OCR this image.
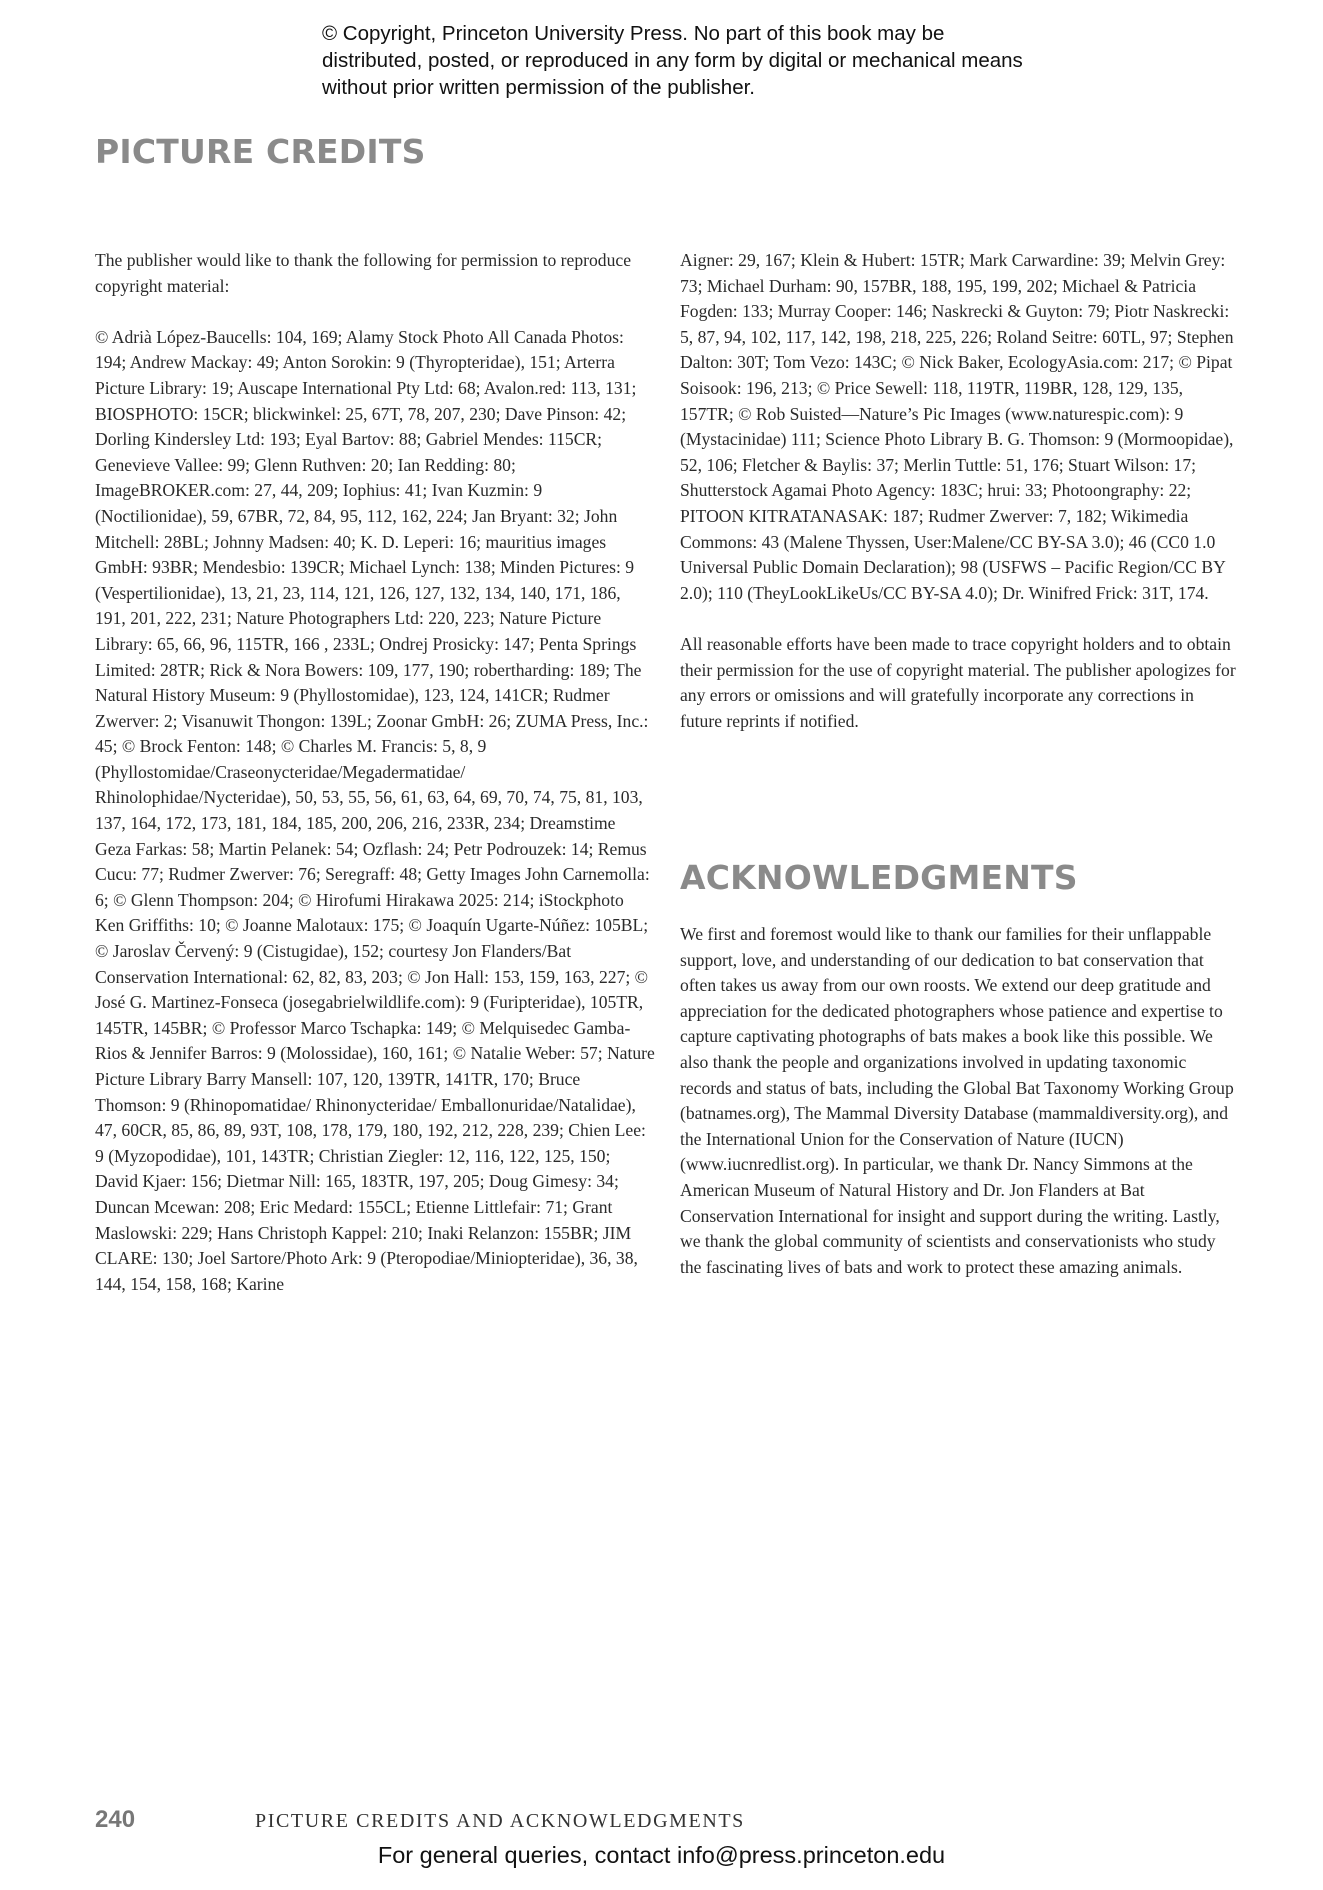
© Copyright, Princeton University Press. No part of this book may be distributed, posted, or reproduced in any form by digital or mechanical means without prior written permission of the publisher.

PICTURE CREDITS

The publisher would like to thank the following for permission to reproduce copyright material:

© Adrià López-Baucells: 104, 169; Alamy Stock Photo All Canada Photos: 194; Andrew Mackay: 49; Anton Sorokin: 9 (Thyropteridae), 151; Arterra Picture Library: 19; Auscape International Pty Ltd: 68; Avalon.red: 113, 131; BIOSPHOTO: 15CR; blickwinkel: 25, 67T, 78, 207, 230; Dave Pinson: 42; Dorling Kindersley Ltd: 193; Eyal Bartov: 88; Gabriel Mendes: 115CR; Genevieve Vallee: 99; Glenn Ruthven: 20; Ian Redding: 80; ImageBROKER.com: 27, 44, 209; Iophius: 41; Ivan Kuzmin: 9 (Noctilionidae), 59, 67BR, 72, 84, 95, 112, 162, 224; Jan Bryant: 32; John Mitchell: 28BL; Johnny Madsen: 40; K. D. Leperi: 16; mauritius images GmbH: 93BR; Mendesbio: 139CR; Michael Lynch: 138; Minden Pictures: 9 (Vespertilionidae), 13, 21, 23, 114, 121, 126, 127, 132, 134, 140, 171, 186, 191, 201, 222, 231; Nature Photographers Ltd: 220, 223; Nature Picture Library: 65, 66, 96, 115TR, 166 , 233L; Ondrej Prosicky: 147; Penta Springs Limited: 28TR; Rick & Nora Bowers: 109, 177, 190; robertharding: 189; The Natural History Museum: 9 (Phyllostomidae), 123, 124, 141CR; Rudmer Zwerver: 2; Visanuwit Thongon: 139L; Zoonar GmbH: 26; ZUMA Press, Inc.: 45; © Brock Fenton: 148; © Charles M. Francis: 5, 8, 9 (Phyllostomidae/Craseonycteridae/Megadermatidae/ Rhinolophidae/Nycteridae), 50, 53, 55, 56, 61, 63, 64, 69, 70, 74, 75, 81, 103, 137, 164, 172, 173, 181, 184, 185, 200, 206, 216, 233R, 234; Dreamstime Geza Farkas: 58; Martin Pelanek: 54; Ozflash: 24; Petr Podrouzek: 14; Remus Cucu: 77; Rudmer Zwerver: 76; Seregraff: 48; Getty Images John Carnemolla: 6; © Glenn Thompson: 204; © Hirofumi Hirakawa 2025: 214; iStockphoto Ken Griffiths: 10; © Joanne Malotaux: 175; © Joaquín Ugarte-Núñez: 105BL; © Jaroslav Červený: 9 (Cistugidae), 152; courtesy Jon Flanders/Bat Conservation International: 62, 82, 83, 203; © Jon Hall: 153, 159, 163, 227; © José G. Martinez-Fonseca (josegabrielwildlife.com): 9 (Furipteridae), 105TR, 145TR, 145BR; © Professor Marco Tschapka: 149; © Melquisedec Gamba-Rios & Jennifer Barros: 9 (Molossidae), 160, 161; © Natalie Weber: 57; Nature Picture Library Barry Mansell: 107, 120, 139TR, 141TR, 170; Bruce Thomson: 9 (Rhinopomatidae/ Rhinonycteridae/ Emballonuridae/Natalidae), 47, 60CR, 85, 86, 89, 93T, 108, 178, 179, 180, 192, 212, 228, 239; Chien Lee: 9 (Myzopodidae), 101, 143TR; Christian Ziegler: 12, 116, 122, 125, 150; David Kjaer: 156; Dietmar Nill: 165, 183TR, 197, 205; Doug Gimesy: 34; Duncan Mcewan: 208; Eric Medard: 155CL; Etienne Littlefair: 71; Grant Maslowski: 229; Hans Christoph Kappel: 210; Inaki Relanzon: 155BR; JIM CLARE: 130; Joel Sartore/Photo Ark: 9 (Pteropodiae/Miniopteridae), 36, 38, 144, 154, 158, 168; Karine

Aigner: 29, 167; Klein & Hubert: 15TR; Mark Carwardine: 39; Melvin Grey: 73; Michael Durham: 90, 157BR, 188, 195, 199, 202; Michael & Patricia Fogden: 133; Murray Cooper: 146; Naskrecki & Guyton: 79; Piotr Naskrecki: 5, 87, 94, 102, 117, 142, 198, 218, 225, 226; Roland Seitre: 60TL, 97; Stephen Dalton: 30T; Tom Vezo: 143C; © Nick Baker, EcologyAsia.com: 217; © Pipat Soisook: 196, 213; © Price Sewell: 118, 119TR, 119BR, 128, 129, 135, 157TR; © Rob Suisted—Nature’s Pic Images (www.naturespic.com): 9 (Mystacinidae) 111; Science Photo Library B. G. Thomson: 9 (Mormoopidae), 52, 106; Fletcher & Baylis: 37; Merlin Tuttle: 51, 176; Stuart Wilson: 17; Shutterstock Agamai Photo Agency: 183C; hrui: 33; Photoongraphy: 22; PITOON KITRATANASAK: 187; Rudmer Zwerver: 7, 182; Wikimedia Commons: 43 (Malene Thyssen, User:Malene/CC BY-SA 3.0); 46 (CC0 1.0 Universal Public Domain Declaration); 98 (USFWS – Pacific Region/CC BY 2.0); 110 (TheyLookLikeUs/CC BY-SA 4.0); Dr. Winifred Frick: 31T, 174.

All reasonable efforts have been made to trace copyright holders and to obtain their permission for the use of copyright material. The publisher apologizes for any errors or omissions and will gratefully incorporate any corrections in future reprints if notified.

ACKNOWLEDGMENTS

We first and foremost would like to thank our families for their unflappable support, love, and understanding of our dedication to bat conservation that often takes us away from our own roosts. We extend our deep gratitude and appreciation for the dedicated photographers whose patience and expertise to capture captivating photographs of bats makes a book like this possible. We also thank the people and organizations involved in updating taxonomic records and status of bats, including the Global Bat Taxonomy Working Group (batnames.org), The Mammal Diversity Database (mammaldiversity.org), and the International Union for the Conservation of Nature (IUCN) (www.iucnredlist.org). In particular, we thank Dr. Nancy Simmons at the American Museum of Natural History and Dr. Jon Flanders at Bat Conservation International for insight and support during the writing. Lastly, we thank the global community of scientists and conservationists who study the fascinating lives of bats and work to protect these amazing animals.

240	PICTURE CREDITS AND ACKNOWLEDGMENTS
For general queries, contact info@press.princeton.edu
